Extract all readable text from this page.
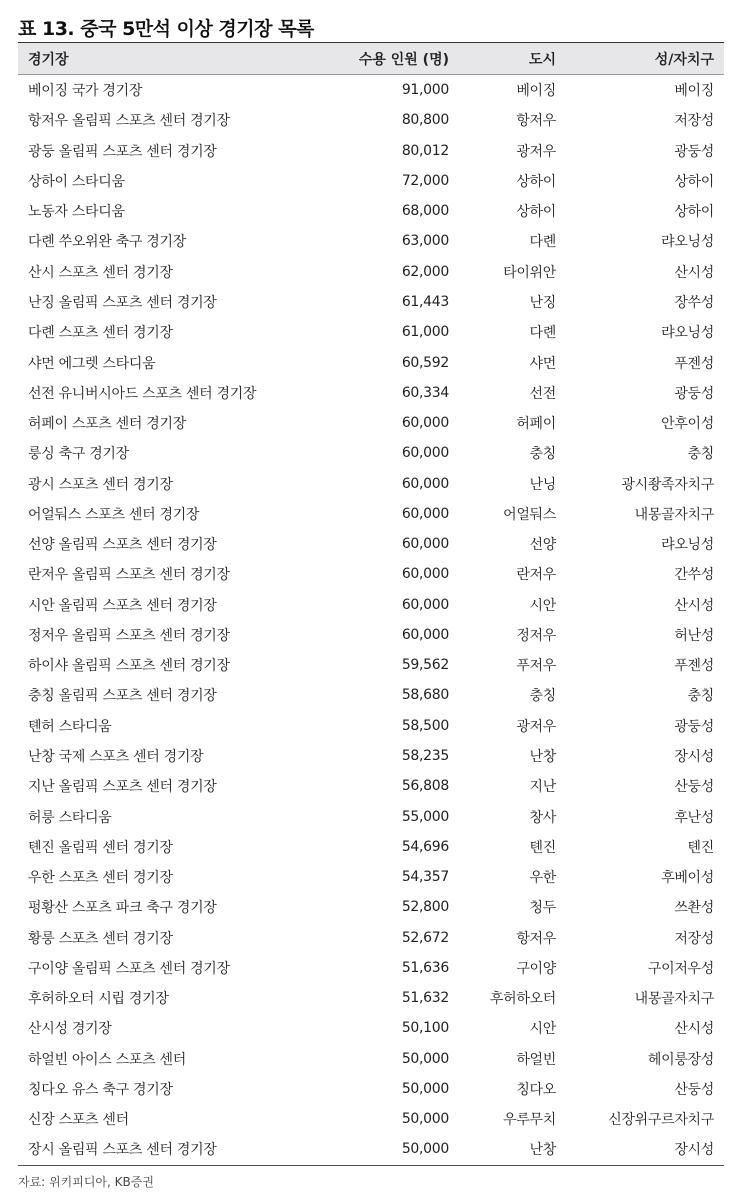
표 13. 중국 5만석 이상 경기장 목록
경기장	수용 인원 (명)	도시	성/자치구
베이징 국가 경기장	91,000	베이징	베이징
항저우 올림픽 스포츠 센터 경기장	80,800	항저우	저장성
광둥 올림픽 스포츠 센터 경기장	80,012	광저우	광둥성
상하이 스타디움	72,000	상하이	상하이
노동자 스타디움	68,000	상하이	상하이
다롄 쑤오위완 축구 경기장	63,000	다롄	랴오닝성
산시 스포츠 센터 경기장	62,000	타이위안	산시성
난징 올림픽 스포츠 센터 경기장	61,443	난징	장쑤성
다롄 스포츠 센터 경기장	61,000	다롄	랴오닝성
샤먼 에그렛 스타디움	60,592	샤먼	푸젠성
선전 유니버시아드 스포츠 센터 경기장	60,334	선전	광둥성
허페이 스포츠 센터 경기장	60,000	허페이	안후이성
룽싱 축구 경기장	60,000	충칭	충칭
광시 스포츠 센터 경기장	60,000	난닝	광시좡족자치구
어얼둬스 스포츠 센터 경기장	60,000	어얼둬스	내몽골자치구
선양 올림픽 스포츠 센터 경기장	60,000	선양	랴오닝성
란저우 올림픽 스포츠 센터 경기장	60,000	란저우	간쑤성
시안 올림픽 스포츠 센터 경기장	60,000	시안	산시성
정저우 올림픽 스포츠 센터 경기장	60,000	정저우	허난성
하이샤 올림픽 스포츠 센터 경기장	59,562	푸저우	푸젠성
충칭 올림픽 스포츠 센터 경기장	58,680	충칭	충칭
톈허 스타디움	58,500	광저우	광둥성
난창 국제 스포츠 센터 경기장	58,235	난창	장시성
지난 올림픽 스포츠 센터 경기장	56,808	지난	산둥성
허룽 스타디움	55,000	창사	후난성
톈진 올림픽 센터 경기장	54,696	톈진	톈진
우한 스포츠 센터 경기장	54,357	우한	후베이성
펑황산 스포츠 파크 축구 경기장	52,800	청두	쓰촨성
황룽 스포츠 센터 경기장	52,672	항저우	저장성
구이양 올림픽 스포츠 센터 경기장	51,636	구이양	구이저우성
후허하오터 시립 경기장	51,632	후허하오터	내몽골자치구
산시성 경기장	50,100	시안	산시성
하얼빈 아이스 스포츠 센터	50,000	하얼빈	헤이룽장성
칭다오 유스 축구 경기장	50,000	칭다오	산둥성
신장 스포츠 센터	50,000	우루무치	신장위구르자치구
장시 올림픽 스포츠 센터 경기장	50,000	난창	장시성
자료: 위키피디아, KB증권
